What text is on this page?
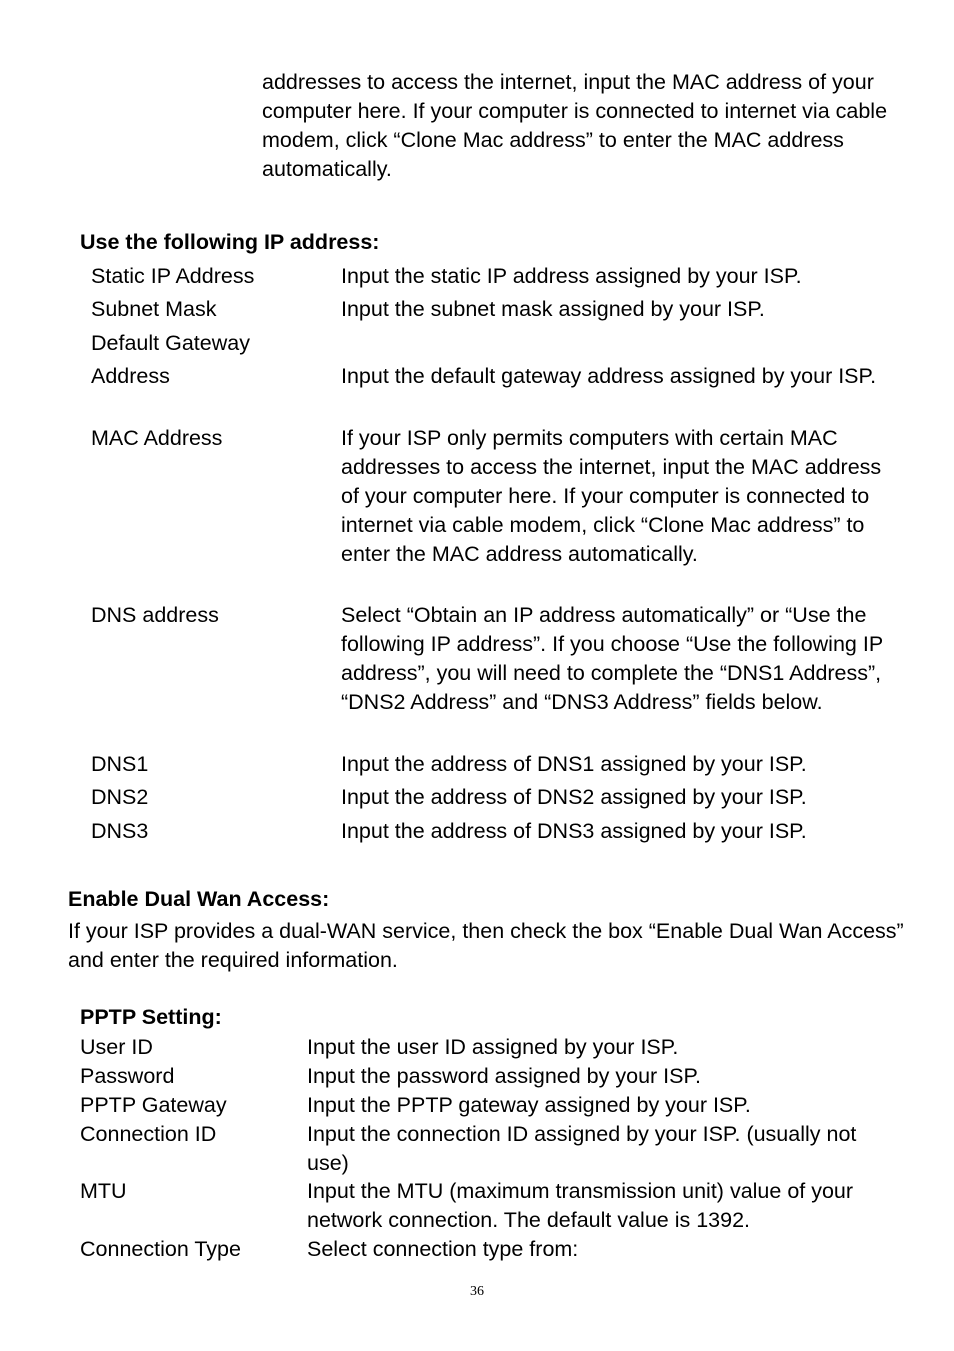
addresses to access the internet, input the MAC address of your computer here. If your computer is connected to internet via cable modem, click “Clone Mac address” to enter the MAC address automatically.
Use the following IP address:
Static IP Address	Input the static IP address assigned by your ISP.
Subnet Mask	Input the subnet mask assigned by your ISP.
Default Gateway
Address	Input the default gateway address assigned by your ISP.
MAC Address	If your ISP only permits computers with certain MAC addresses to access the internet, input the MAC address of your computer here. If your computer is connected to internet via cable modem, click “Clone Mac address” to enter the MAC address automatically.
DNS address	Select “Obtain an IP address automatically” or “Use the following IP address”. If you choose “Use the following IP address”, you will need to complete the “DNS1 Address”, “DNS2 Address” and “DNS3 Address” fields below.
DNS1	Input the address of DNS1 assigned by your ISP.
DNS2	Input the address of DNS2 assigned by your ISP.
DNS3	Input the address of DNS3 assigned by your ISP.
Enable Dual Wan Access:
If your ISP provides a dual-WAN service, then check the box “Enable Dual Wan Access” and enter the required information.
PPTP Setting:
User ID	Input the user ID assigned by your ISP.
Password	Input the password assigned by your ISP.
PPTP Gateway	Input the PPTP gateway assigned by your ISP.
Connection ID	Input the connection ID assigned by your ISP. (usually not use)
MTU	Input the MTU (maximum transmission unit) value of your network connection. The default value is 1392.
Connection Type	Select connection type from:
36
